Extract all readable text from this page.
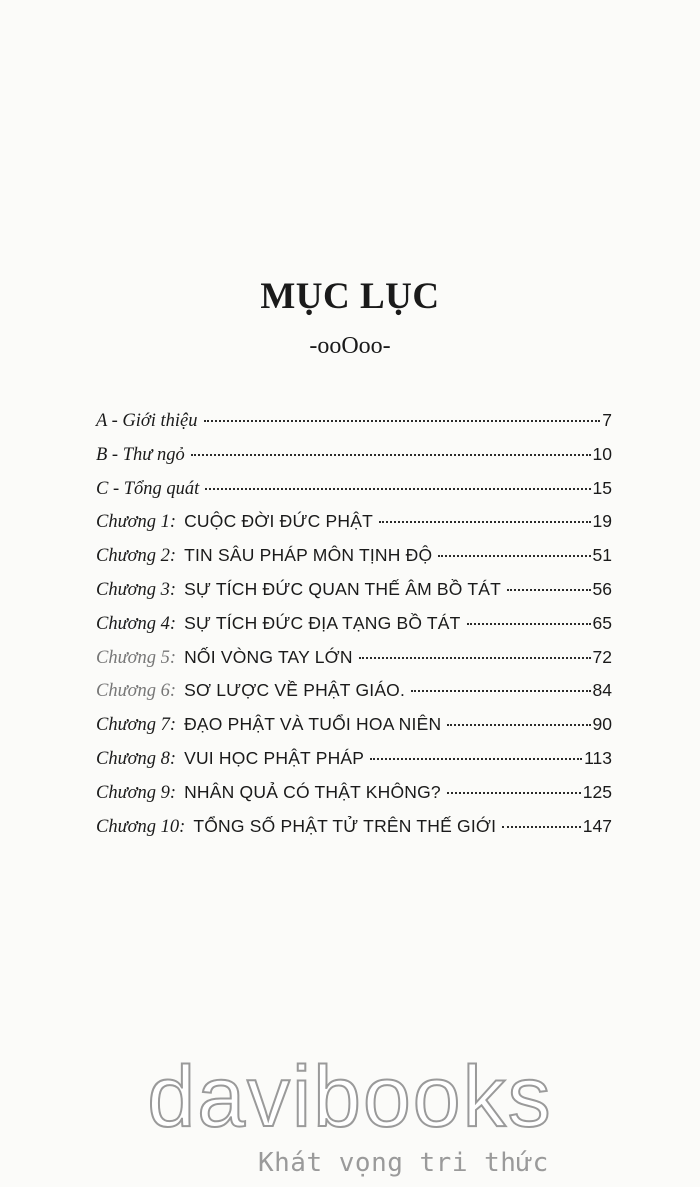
MỤC LỤC
-ooOoo-
A - Giới thiệu	7
B - Thư ngỏ	10
C - Tổng quát	15
Chương 1: CUỘC ĐỜI ĐỨC PHẬT	19
Chương 2: TIN SÂU PHÁP MÔN TỊNH ĐỘ	51
Chương 3: SỰ TÍCH ĐỨC QUAN THẾ ÂM BỒ TÁT	56
Chương 4: SỰ TÍCH ĐỨC ĐỊA TẠNG BỒ TÁT	65
Chương 5: NỐI VÒNG TAY LỚN	72
Chương 6: SƠ LƯỢC VỀ PHẬT GIÁO.	84
Chương 7: ĐẠO PHẬT VÀ TUỔI HOA NIÊN	90
Chương 8: VUI HỌC PHẬT PHÁP	113
Chương 9: NHÂN QUẢ CÓ THẬT KHÔNG?	125
Chương 10: TỔNG SỐ PHẬT TỬ TRÊN THẾ GIỚI	147
davibooks
Khát vọng tri thức
